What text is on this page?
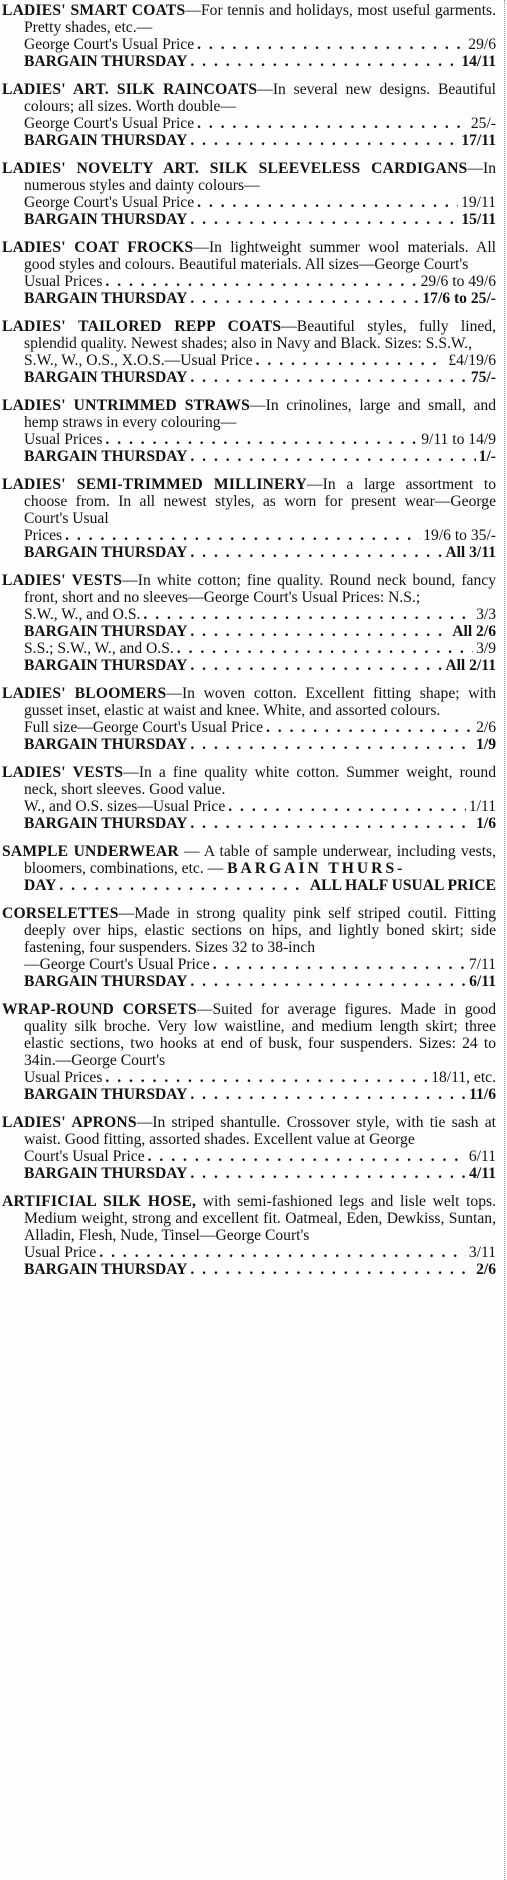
LADIES' SMART COATS—For tennis and holidays, most useful garments. Pretty shades, etc.—
George Court's Usual Price . . .	29/6
BARGAIN THURSDAY . . .	14/11
LADIES' ART. SILK RAINCOATS—In several new designs. Beautiful colours; all sizes. Worth double—
George Court's Usual Price . . .	25/-
BARGAIN THURSDAY . . .	17/11
LADIES' NOVELTY ART. SILK SLEEVELESS CARDIGANS—In numerous styles and dainty colours—
George Court's Usual Price . . .	19/11
BARGAIN THURSDAY . . .	15/11
LADIES' COAT FROCKS—In lightweight summer wool materials. All good styles and colours. Beautiful materials. All sizes—George Court's
Usual Prices . . .	29/6 to 49/6
BARGAIN THURSDAY . . .	17/6 to 25/-
LADIES' TAILORED REPP COATS—Beautiful styles, fully lined, splendid quality. Newest shades; also in Navy and Black. Sizes: S.S.W.,
S.W., W., O.S., X.O.S.—Usual Price . . .	£4/19/6
BARGAIN THURSDAY . . .	75/-
LADIES' UNTRIMMED STRAWS—In crinolines, large and small, and hemp straws in every colouring—
Usual Prices . . .	9/11 to 14/9
BARGAIN THURSDAY . . .	1/-
LADIES' SEMI-TRIMMED MILLINERY—In a large assortment to choose from. In all newest styles, as worn for present wear—George Court's Usual
Prices . . .	19/6 to 35/-
BARGAIN THURSDAY . . .	All 3/11
LADIES' VESTS—In white cotton; fine quality. Round neck bound, fancy front, short and no sleeves—George Court's Usual Prices: N.S.;
S.W., W., and O.S. . . .	3/3
BARGAIN THURSDAY . . .	All 2/6
S.S.; S.W., W., and O.S. . . .	3/9
BARGAIN THURSDAY . . .	All 2/11
LADIES' BLOOMERS—In woven cotton. Excellent fitting shape; with gusset inset, elastic at waist and knee. White, and assorted colours.
Full size—George Court's Usual Price . . .	2/6
BARGAIN THURSDAY . . .	1/9
LADIES' VESTS—In a fine quality white cotton. Summer weight, round neck, short sleeves. Good value.
W., and O.S. sizes—Usual Price . . .	1/11
BARGAIN THURSDAY . . .	1/6
SAMPLE UNDERWEAR — A table of sample underwear, including vests, bloomers, combinations, etc. — BARGAIN THURS-
DAY . . .	ALL HALF USUAL PRICE
CORSELETTES—Made in strong quality pink self striped coutil. Fitting deeply over hips, elastic sections on hips, and lightly boned skirt; side fastening, four suspenders. Sizes 32 to 38-inch
—George Court's Usual Price . . .	7/11
BARGAIN THURSDAY . . .	6/11
WRAP-ROUND CORSETS—Suited for average figures. Made in good quality silk broche. Very low waistline, and medium length skirt; three elastic sections, two hooks at end of busk, four suspenders. Sizes: 24 to 34in.—George Court's
Usual Prices . . .	18/11, etc.
BARGAIN THURSDAY . . .	11/6
LADIES' APRONS—In striped shantulle. Crossover style, with tie sash at waist. Good fitting, assorted shades. Excellent value at George
Court's Usual Price . . .	6/11
BARGAIN THURSDAY . . .	4/11
ARTIFICIAL SILK HOSE, with semi-fashioned legs and lisle welt tops. Medium weight, strong and excellent fit. Oatmeal, Eden, Dewkiss, Suntan, Alladin, Flesh, Nude, Tinsel—George Court's
Usual Price . . .	3/11
BARGAIN THURSDAY . . .	2/6
